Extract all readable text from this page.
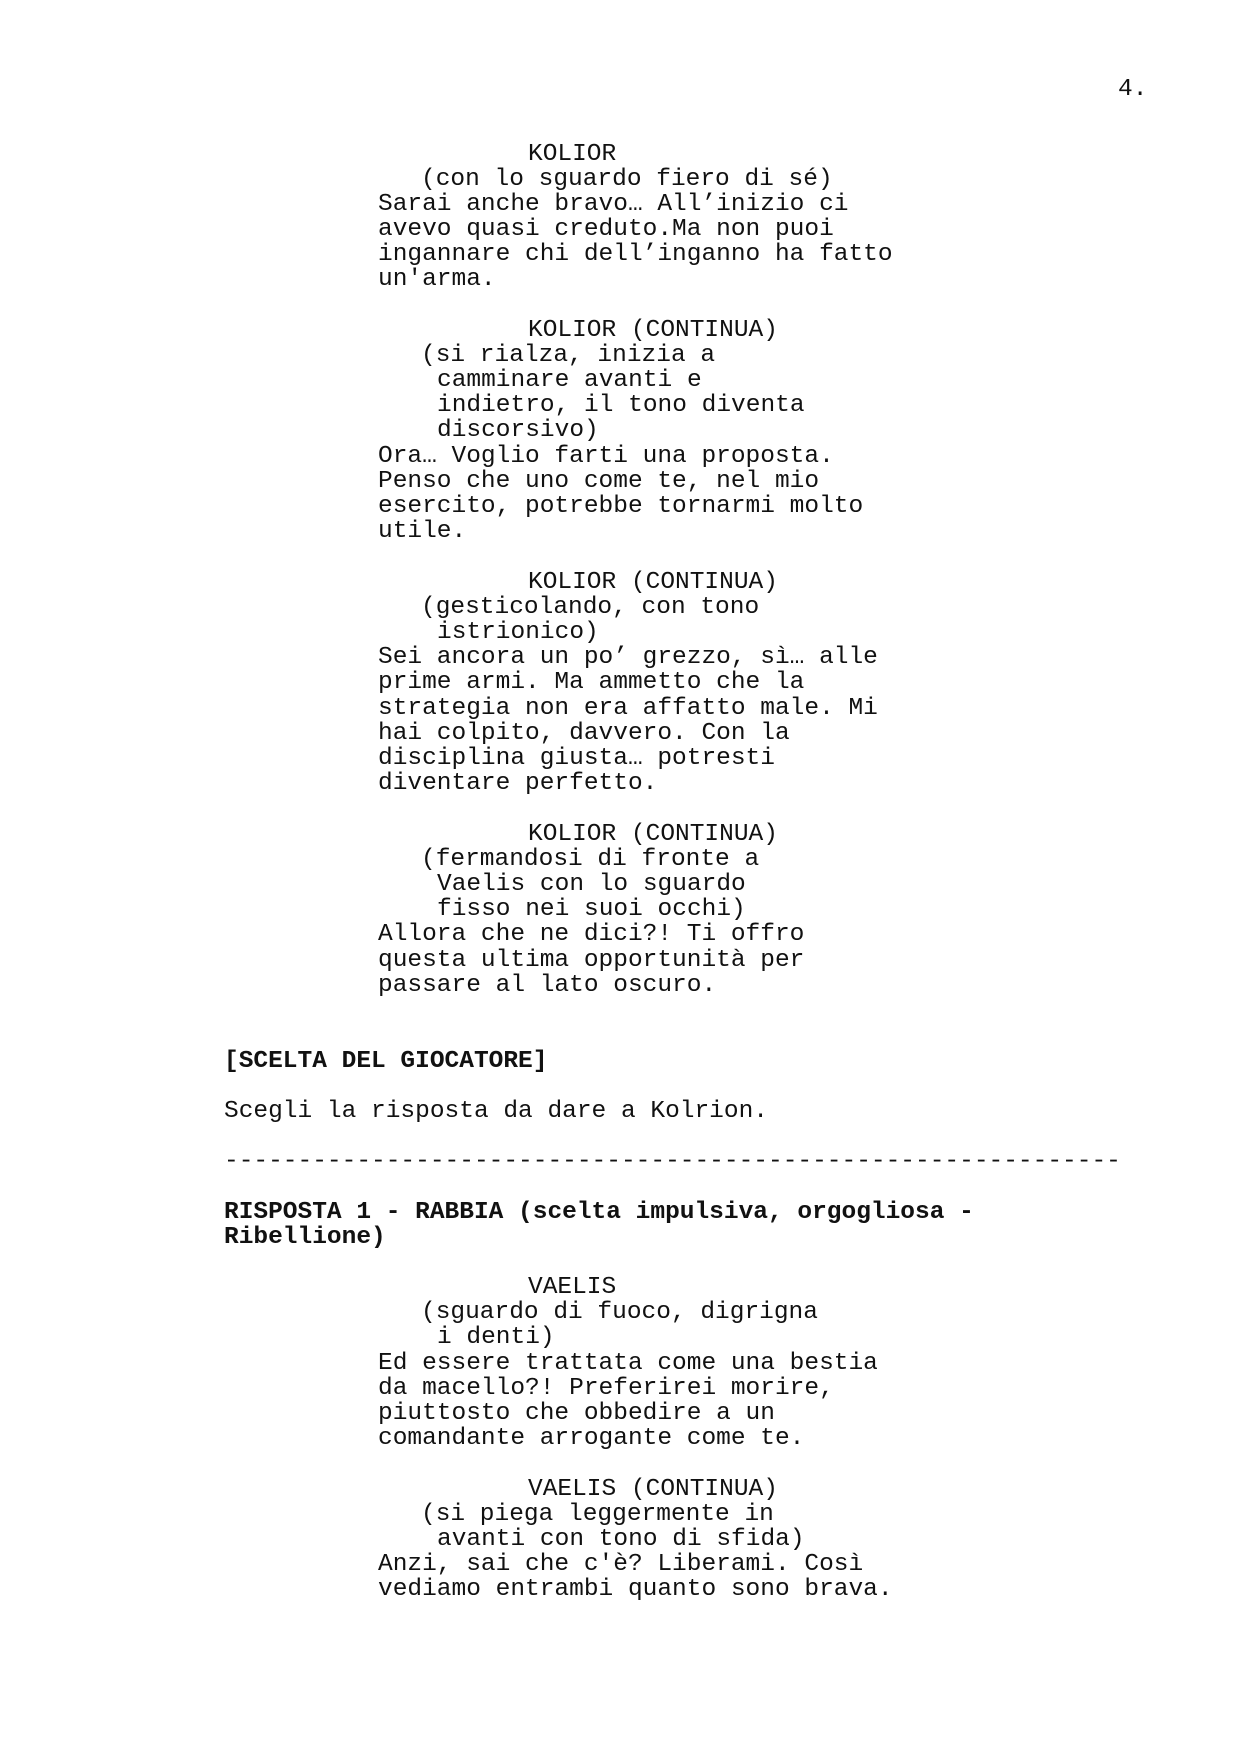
4.
KOLIOR
(con lo sguardo fiero di sé)
Sarai anche bravo… All’inizio ci
avevo quasi creduto.Ma non puoi
ingannare chi dell’inganno ha fatto
un'arma.
KOLIOR (CONTINUA)
(si rialza, inizia a
camminare avanti e
indietro, il tono diventa
discorsivo)
Ora… Voglio farti una proposta.
Penso che uno come te, nel mio
esercito, potrebbe tornarmi molto
utile.
KOLIOR (CONTINUA)
(gesticolando, con tono
istrionico)
Sei ancora un po’ grezzo, sì… alle
prime armi. Ma ammetto che la
strategia non era affatto male. Mi
hai colpito, davvero. Con la
disciplina giusta… potresti
diventare perfetto.
KOLIOR (CONTINUA)
(fermandosi di fronte a
Vaelis con lo sguardo
fisso nei suoi occhi)
Allora che ne dici?! Ti offro
questa ultima opportunità per
passare al lato oscuro.
[SCELTA DEL GIOCATORE]
Scegli la risposta da dare a Kolrion.
-------------------------------------------------------------
RISPOSTA 1 - RABBIA (scelta impulsiva, orgogliosa -
Ribellione)
VAELIS
(sguardo di fuoco, digrigna
i denti)
Ed essere trattata come una bestia
da macello?! Preferirei morire,
piuttosto che obbedire a un
comandante arrogante come te.
VAELIS (CONTINUA)
(si piega leggermente in
avanti con tono di sfida)
Anzi, sai che c'è? Liberami. Così
vediamo entrambi quanto sono brava.
